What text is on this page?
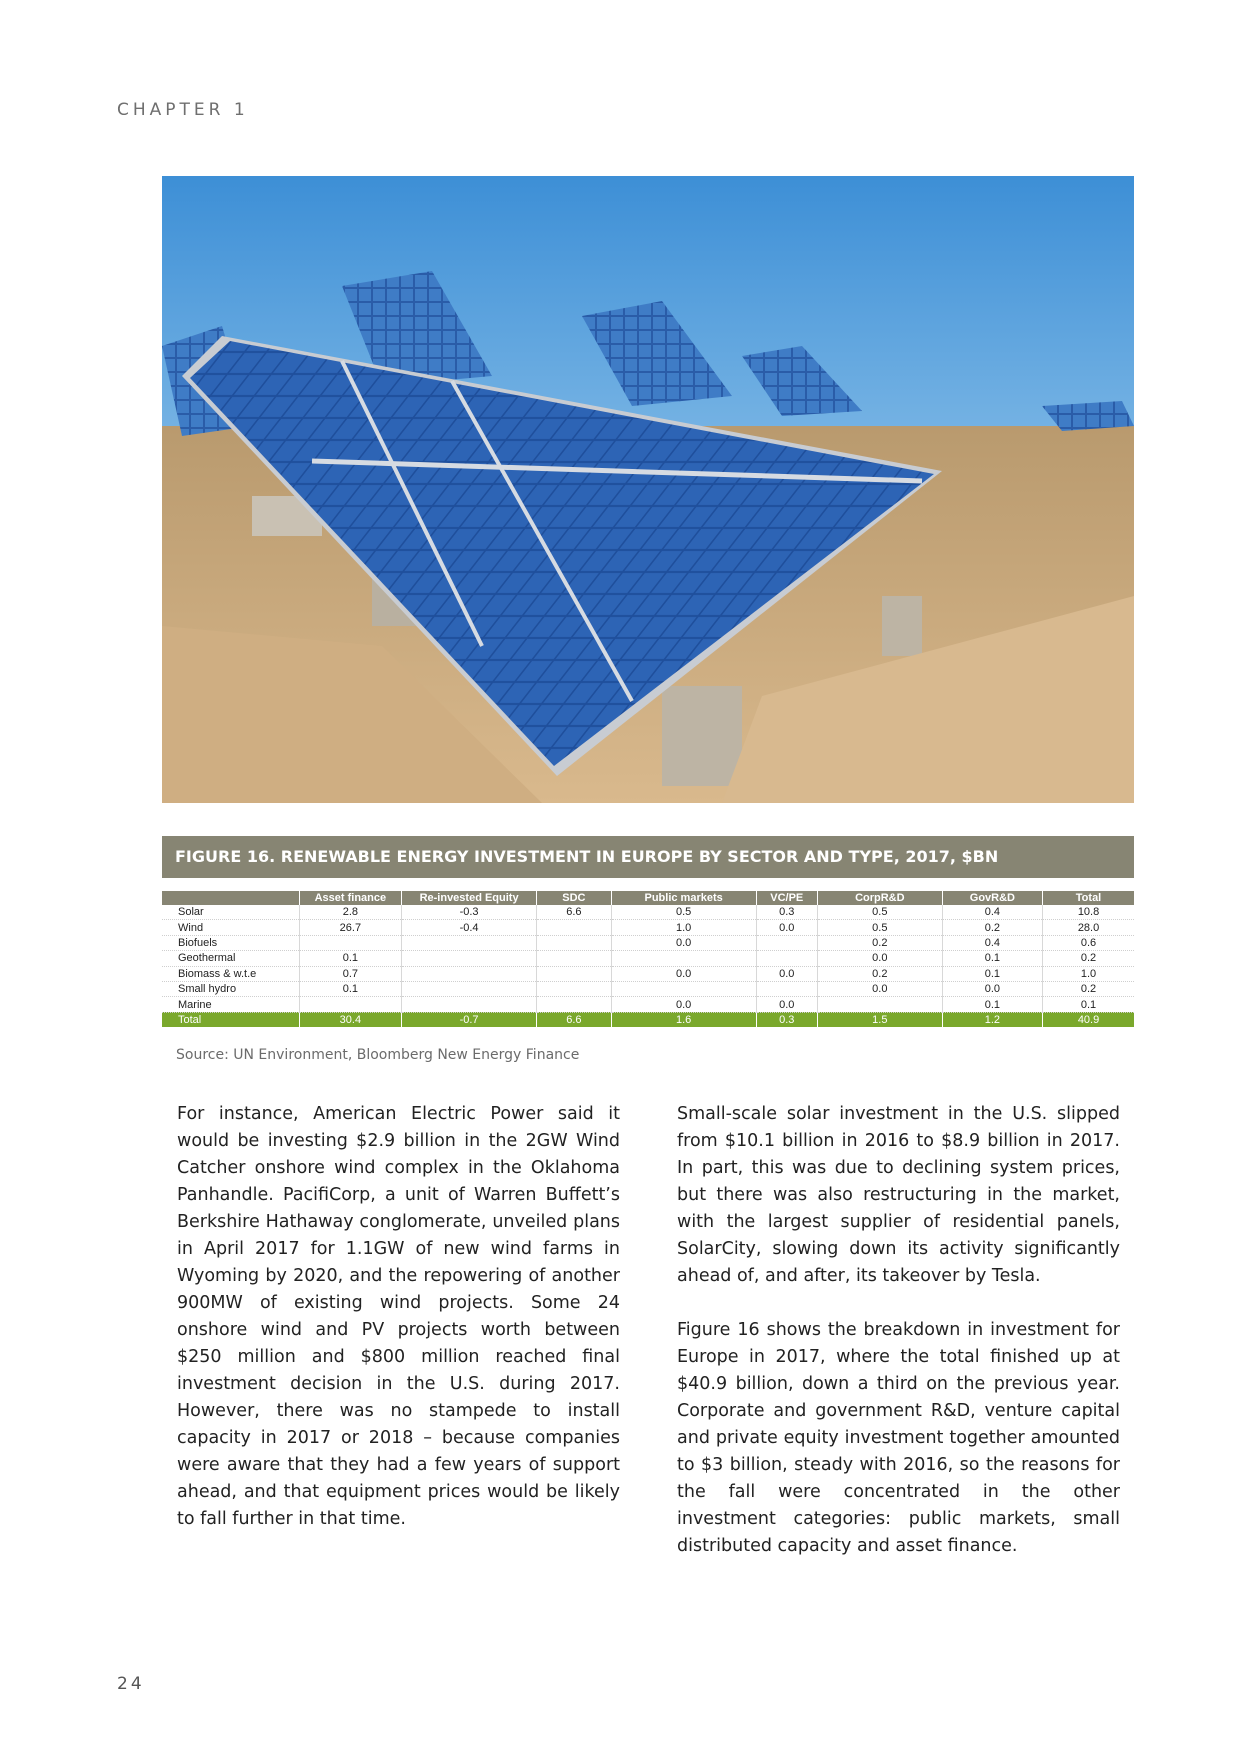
CHAPTER 1
FIGURE 16. RENEWABLE ENERGY INVESTMENT IN EUROPE BY SECTOR AND TYPE, 2017, $BN
	Asset finance	Re-invested Equity	SDC	Public markets	VC/PE	CorpR&D	GovR&D	Total
Solar	2.8	-0.3	6.6	0.5	0.3	0.5	0.4	10.8
Wind	26.7	-0.4		1.0	0.0	0.5	0.2	28.0
Biofuels				0.0		0.2	0.4	0.6
Geothermal	0.1					0.0	0.1	0.2
Biomass & w.t.e	0.7			0.0	0.0	0.2	0.1	1.0
Small hydro	0.1					0.0	0.0	0.2
Marine				0.0	0.0		0.1	0.1
Total	30.4	-0.7	6.6	1.6	0.3	1.5	1.2	40.9
Source: UN Environment, Bloomberg New Energy Finance

For instance, American Electric Power said it would be investing $2.9 billion in the 2GW Wind Catcher onshore wind complex in the Oklahoma Panhandle. PacifiCorp, a unit of Warren Buffett’s Berkshire Hathaway conglomerate, unveiled plans in April 2017 for 1.1GW of new wind farms in Wyoming by 2020, and the repowering of another 900MW of existing wind projects. Some 24 onshore wind and PV projects worth between $250 million and $800 million reached final investment decision in the U.S. during 2017. However, there was no stampede to install capacity in 2017 or 2018 – because companies were aware that they had a few years of support ahead, and that equipment prices would be likely to fall further in that time.

Small-scale solar investment in the U.S. slipped from $10.1 billion in 2016 to $8.9 billion in 2017. In part, this was due to declining system prices, but there was also restructuring in the market, with the largest supplier of residential panels, SolarCity, slowing down its activity significantly ahead of, and after, its takeover by Tesla.

Figure 16 shows the breakdown in investment for Europe in 2017, where the total finished up at $40.9 billion, down a third on the previous year. Corporate and government R&D, venture capital and private equity investment together amounted to $3 billion, steady with 2016, so the reasons for the fall were concentrated in the other investment categories: public markets, small distributed capacity and asset finance.

24
